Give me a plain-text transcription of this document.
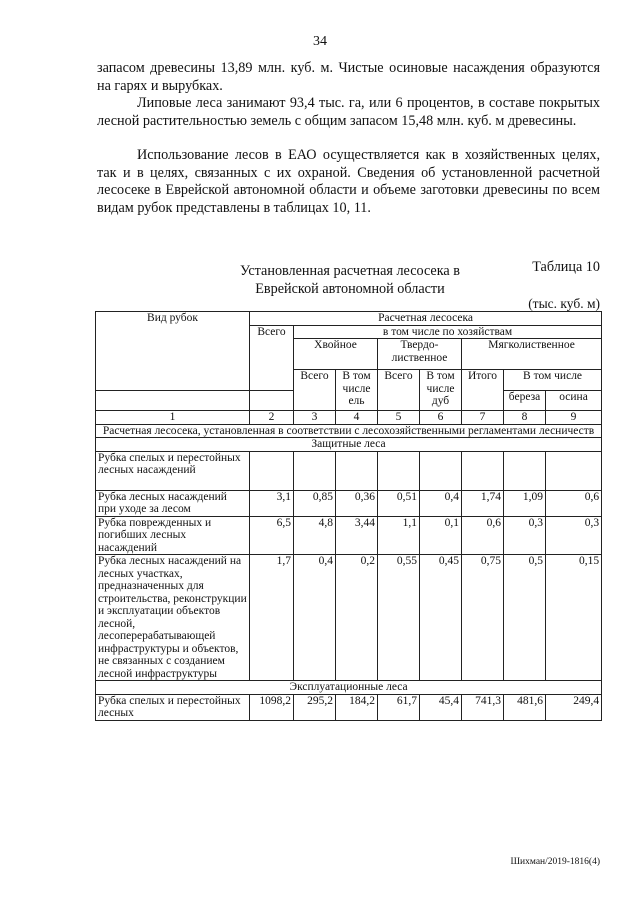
34

запасом древесины 13,89 млн. куб. м. Чистые осиновые насаждения образуются на гарях и вырубках.

Липовые леса занимают 93,4 тыс. га, или 6 процентов, в составе покрытых лесной растительностью земель с общим запасом 15,48 млн. куб. м древесины.

Использование лесов в ЕАО осуществляется как в хозяйственных целях, так и в целях, связанных с их охраной. Сведения об установленной расчетной лесосеке в Еврейской автономной области и объеме заготовки древесины по всем видам рубок представлены в таблицах 10, 11.

Таблица 10
Установленная расчетная лесосека в
Еврейской автономной области
(тыс. куб. м)
Вид рубок	Расчетная лесосека							
	Всего	в том числе по хозяйствам						
		Хвойное		Твердо-лиственное		Мягколиственное		
		Всего	В том числе ель	Всего	В том числе дуб	Итого	В том числе	
							береза	осина
1	2	3	4	5	6	7	8	9
Расчетная лесосека, установленная в соответствии с лесохозяйственными регламентами лесничеств								
Защитные леса								
Рубка спелых и перестойных лесных насаждений								
Рубка лесных насаждений при уходе за лесом	3,1	0,85	0,36	0,51	0,4	1,74	1,09	0,6
Рубка поврежденных и погибших лесных насаждений	6,5	4,8	3,44	1,1	0,1	0,6	0,3	0,3
Рубка лесных насаждений на лесных участках, предназначенных для строительства, реконструкции и эксплуатации объектов лесной, лесоперерабатывающей инфраструктуры и объектов, не связанных с созданием лесной инфраструктуры	1,7	0,4	0,2	0,55	0,45	0,75	0,5	0,15
Эксплуатационные леса								
Рубка спелых и перестойных лесных	1098,2	295,2	184,2	61,7	45,4	741,3	481,6	249,4
Шихман/2019-1816(4)
